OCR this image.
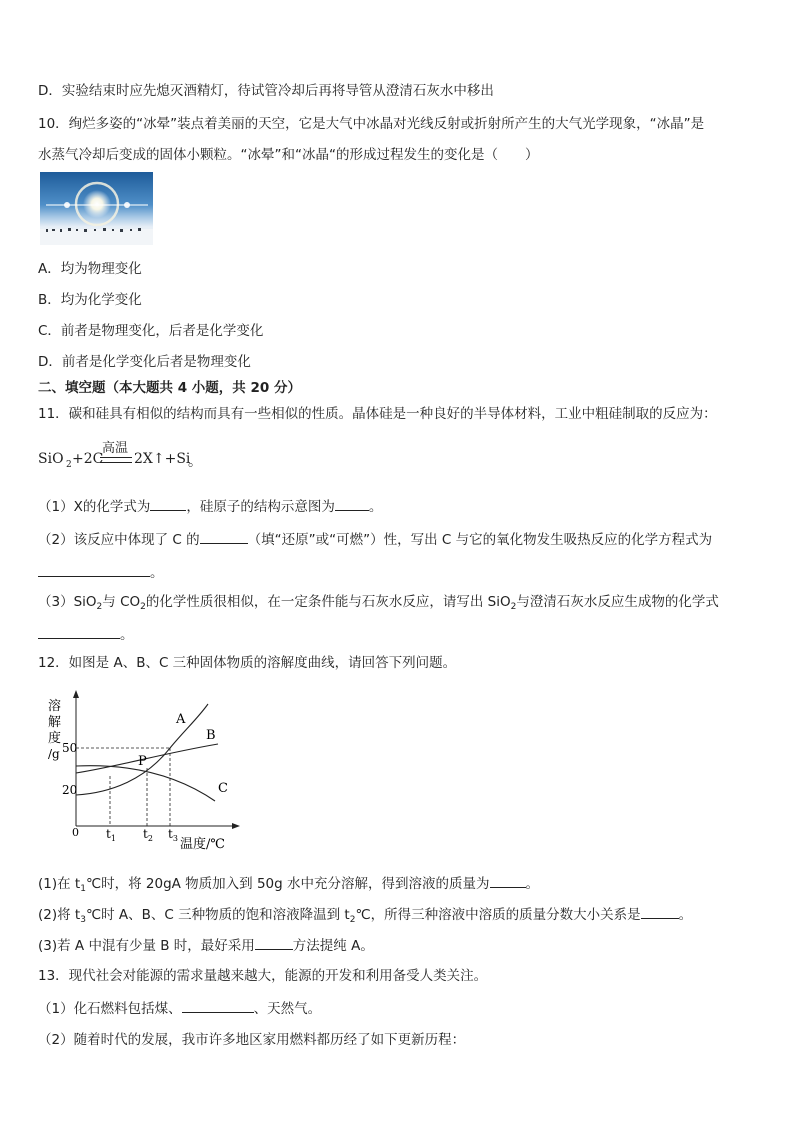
D．实验结束时应先熄灭酒精灯，待试管冷却后再将导管从澄清石灰水中移出
10．绚烂多姿的“冰晕”装点着美丽的天空，它是大气中冰晶对光线反射或折射所产生的大气光学现象，“冰晶”是
水蒸气冷却后变成的固体小颗粒。“冰晕”和“冰晶“的形成过程发生的变化是（　　）
A．均为物理变化
B．均为化学变化
C．前者是物理变化，后者是化学变化
D．前者是化学变化后者是物理变化
二、填空题（本大题共 4 小题，共 20 分）
11．碳和硅具有相似的结构而具有一些相似的性质。晶体硅是一种良好的半导体材料，工业中粗硅制取的反应为：
SiO 2 +2C
高温
2X↑+Si
。
（1）X的化学式为	，硅原子的结构示意图为	。
（2）该反应中体现了 C 的	（填“还原”或“可燃”）性，写出 C 与它的氧化物发生吸热反应的化学方程式为
。
（3）SiO$_2$与 $CO_2$的化学性质很相似，在一定条件能与石灰水反应，请写出 SiO$_2$与澄清石灰水反应生成物的化学式
。
12．如图是 A、B、C 三种固体物质的溶解度曲线，请回答下列问题。
溶
解
度
/g 50
20
0 $t_1$ $t_2$ $t_3$ 温度/℃
A
B
C
P
(1)在 $t_1℃$时，将 20gA 物质加入到 50g 水中充分溶解，得到溶液的质量为	。
(2)将 $t_3℃$时 A、B、C 三种物质的饱和溶液降温到 $t_2℃$，所得三种溶液中溶质的质量分数大小关系是	。
(3)若 A 中混有少量 B 时，最好采用	方法提纯 A。
13．现代社会对能源的需求量越来越大，能源的开发和利用备受人类关注。
（1）化石燃料包括煤、	、天然气。
（2）随着时代的发展，我市许多地区家用燃料都历经了如下更新历程：
